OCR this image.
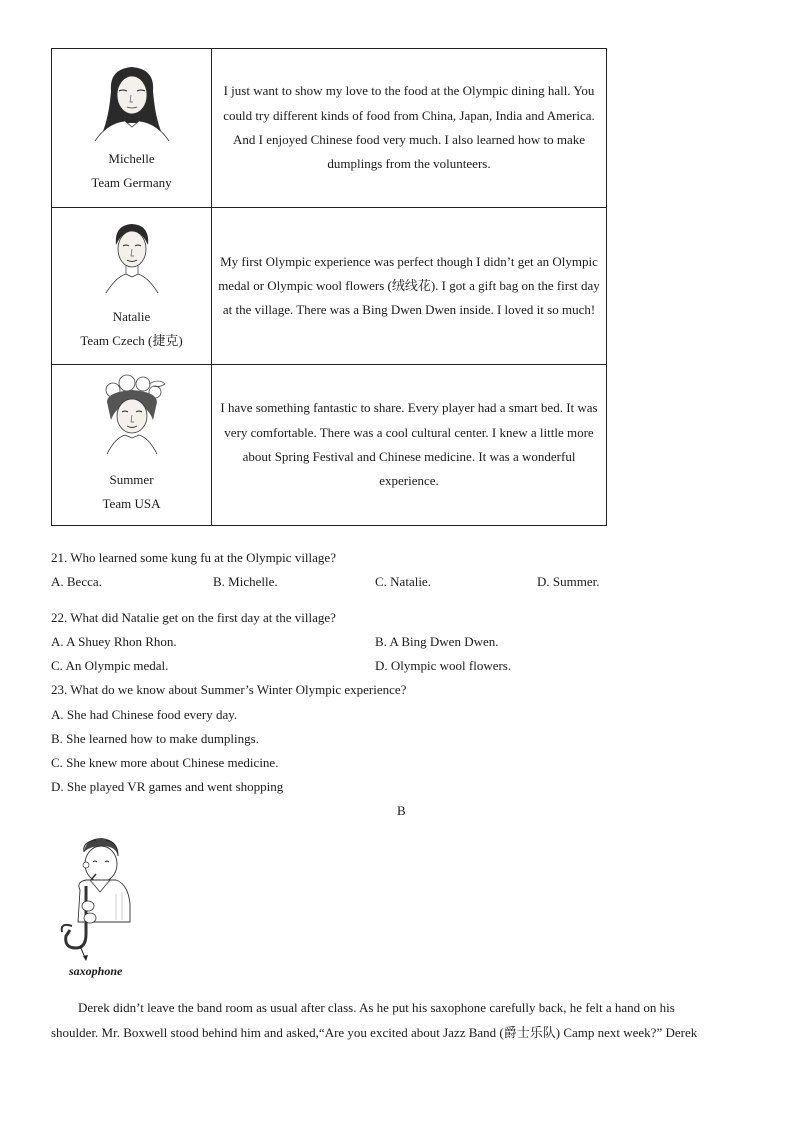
Michelle
Team Germany	I just want to show my love to the food at the Olympic dining hall. You could try different kinds of food from China, Japan, India and America. And I enjoyed Chinese food very much. I also learned how to make dumplings from the volunteers.

Natalie
Team Czech (捷克)	My first Olympic experience was perfect though I didn’t get an Olympic medal or Olympic wool flowers (绒线花). I got a gift bag on the first day at the village. There was a Bing Dwen Dwen inside. I loved it so much!

Summer
Team USA	I have something fantastic to share. Every player had a smart bed. It was very comfortable. There was a cool cultural center. I knew a little more about Spring Festival and Chinese medicine. It was a wonderful experience.
21. Who learned some kung fu at the Olympic village?
A. Becca.	B. Michelle.	C. Natalie.	D. Summer.
22. What did Natalie get on the first day at the village?
A. A Shuey Rhon Rhon.	B. A Bing Dwen Dwen.
C. An Olympic medal.	D. Olympic wool flowers.
23. What do we know about Summer’s Winter Olympic experience?
A. She had Chinese food every day.
B. She learned how to make dumplings.
C. She knew more about Chinese medicine.
D. She played VR games and went shopping
B
saxophone
Derek didn’t leave the band room as usual after class. As he put his saxophone carefully back, he felt a hand on his
shoulder. Mr. Boxwell stood behind him and asked,“Are you excited about Jazz Band (爵士乐队) Camp next week?” Derek
